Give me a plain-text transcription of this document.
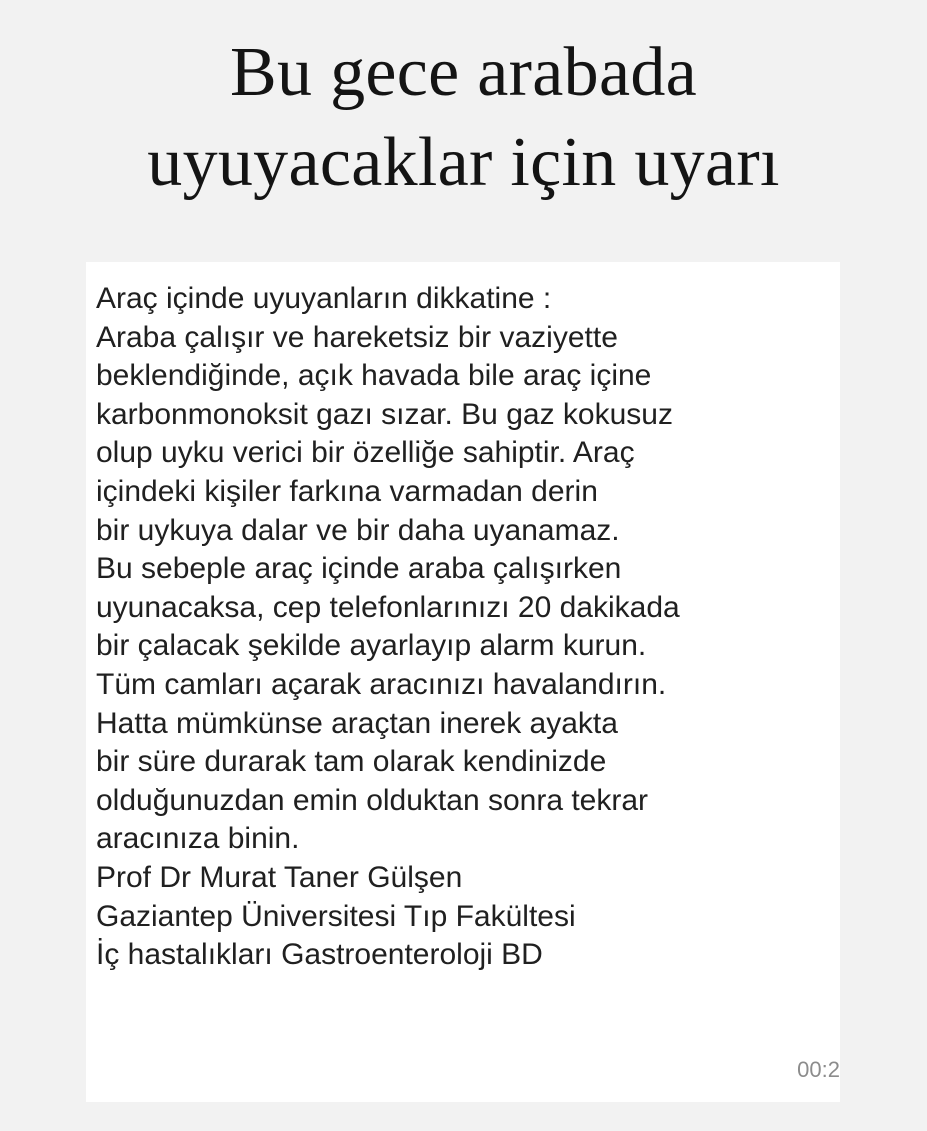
Bu gece arabada
uyuyacaklar için uyarı

Araç içinde uyuyanların dikkatine :
Araba çalışır ve hareketsiz bir vaziyette
beklendiğinde, açık havada bile araç içine
karbonmonoksit gazı sızar. Bu gaz kokusuz
olup uyku verici bir özelliğe sahiptir. Araç
içindeki kişiler farkına varmadan derin
bir uykuya dalar ve bir daha uyanamaz.
Bu sebeple araç içinde araba çalışırken
uyunacaksa, cep telefonlarınızı 20 dakikada
bir çalacak şekilde ayarlayıp alarm kurun.
Tüm camları açarak aracınızı havalandırın.
Hatta mümkünse araçtan inerek ayakta
bir süre durarak tam olarak kendinizde
olduğunuzdan emin olduktan sonra tekrar
aracınıza binin.
Prof Dr Murat Taner Gülşen
Gaziantep Üniversitesi Tıp Fakültesi
İç hastalıkları Gastroenteroloji BD

00:2
